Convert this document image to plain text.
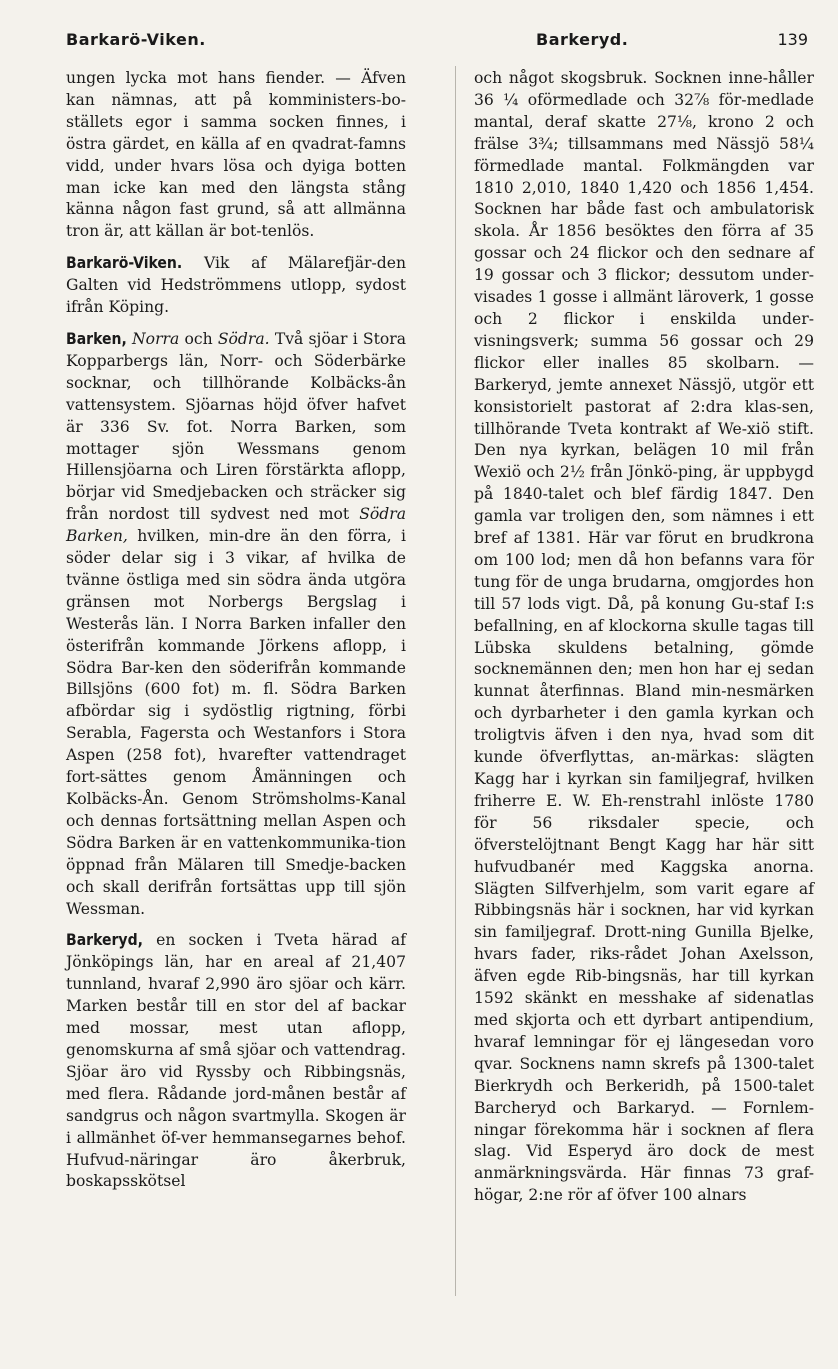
Barkarö-Viken.	Barkeryd.	139

ungen lycka mot hans fiender. — Äfven kan nämnas, att på komministers-bo-ställets egor i samma socken finnes, i östra gärdet, en källa af en qvadrat-famns vidd, under hvars lösa och dyiga botten man icke kan med den längsta stång känna någon fast grund, så att allmänna tron är, att källan är bot-tenlös.

Barkarö-Viken. Vik af Mälarefjär-den Galten vid Hedströmmens utlopp, sydost ifrån Köping.

Barken, Norra och Södra. Två sjöar i Stora Kopparbergs län, Norr- och Söderbärke socknar, och tillhörande Kolbäcks-ån vattensystem. Sjöarnas höjd öfver hafvet är 336 Sv. fot. Norra Barken, som mottager sjön Wessmans genom Hillensjöarna och Liren förstärkta aflopp, börjar vid Smedjebacken och sträcker sig från nordost till sydvest ned mot Södra Barken, hvilken, min-dre än den förra, i söder delar sig i 3 vikar, af hvilka de tvänne östliga med sin södra ända utgöra gränsen mot Norbergs Bergslag i Westerås län. I Norra Barken infaller den österifrån kommande Jörkens aflopp, i Södra Bar-ken den söderifrån kommande Billsjöns (600 fot) m. fl. Södra Barken afbördar sig i sydöstlig rigtning, förbi Serabla, Fagersta och Westanfors i Stora Aspen (258 fot), hvarefter vattendraget fort-sättes genom Åmänningen och Kolbäcks-Ån. Genom Strömsholms-Kanal och dennas fortsättning mellan Aspen och Södra Barken är en vattenkommunika-tion öppnad från Mälaren till Smedje-backen och skall derifrån fortsättas upp till sjön Wessman.

Barkeryd, en socken i Tveta härad af Jönköpings län, har en areal af 21,407 tunnland, hvaraf 2,990 äro sjöar och kärr. Marken består till en stor del af backar med mossar, mest utan aflopp, genomskurna af små sjöar och vattendrag. Sjöar äro vid Ryssby och Ribbingsnäs, med flera. Rådande jord-månen består af sandgrus och någon svartmylla. Skogen är i allmänhet öf-ver hemmansegarnes behof. Hufvud-näringar äro åkerbruk, boskapsskötsel

och något skogsbruk. Socknen inne-håller 36 ¼ oförmedlade och 32⅞ för-medlade mantal, deraf skatte 27⅛, krono 2 och frälse 3¾; tillsammans med Nässjö 58¼ förmedlade mantal. Folkmängden var 1810 2,010, 1840 1,420 och 1856 1,454. Socknen har både fast och ambulatorisk skola. År 1856 besöktes den förra af 35 gossar och 24 flickor och den sednare af 19 gossar och 3 flickor; dessutom under-visades 1 gosse i allmänt läroverk, 1 gosse och 2 flickor i enskilda under-visningsverk; summa 56 gossar och 29 flickor eller inalles 85 skolbarn. — Barkeryd, jemte annexet Nässjö, utgör ett konsistorielt pastorat af 2:dra klas-sen, tillhörande Tveta kontrakt af We-xiö stift. Den nya kyrkan, belägen 10 mil från Wexiö och 2½ från Jönkö-ping, är uppbygd på 1840-talet och blef färdig 1847. Den gamla var troligen den, som nämnes i ett bref af 1381. Här var förut en brudkrona om 100 lod; men då hon befanns vara för tung för de unga brudarna, omgjordes hon till 57 lods vigt. Då, på konung Gu-staf I:s befallning, en af klockorna skulle tagas till Lübska skuldens betalning, gömde socknemännen den; men hon har ej sedan kunnat återfinnas. Bland min-nesmärken och dyrbarheter i den gamla kyrkan och troligtvis äfven i den nya, hvad som dit kunde öfverflyttas, an-märkas: slägten Kagg har i kyrkan sin familjegraf, hvilken friherre E. W. Eh-renstrahl inlöste 1780 för 56 riksdaler specie, och öfverstelöjtnant Bengt Kagg har här sitt hufvudbanér med Kaggska anorna. Slägten Silfverhjelm, som varit egare af Ribbingsnäs här i socknen, har vid kyrkan sin familjegraf. Drott-ning Gunilla Bjelke, hvars fader, riks-rådet Johan Axelsson, äfven egde Rib-bingsnäs, har till kyrkan 1592 skänkt en messhake af sidenatlas med skjorta och ett dyrbart antipendium, hvaraf lemningar för ej längesedan voro qvar. Socknens namn skrefs på 1300-talet Bierkrydh och Berkeridh, på 1500-talet Barcheryd och Barkaryd. — Fornlem-ningar förekomma här i socknen af flera slag. Vid Esperyd äro dock de mest anmärkningsvärda. Här finnas 73 graf-högar, 2:ne rör af öfver 100 alnars
